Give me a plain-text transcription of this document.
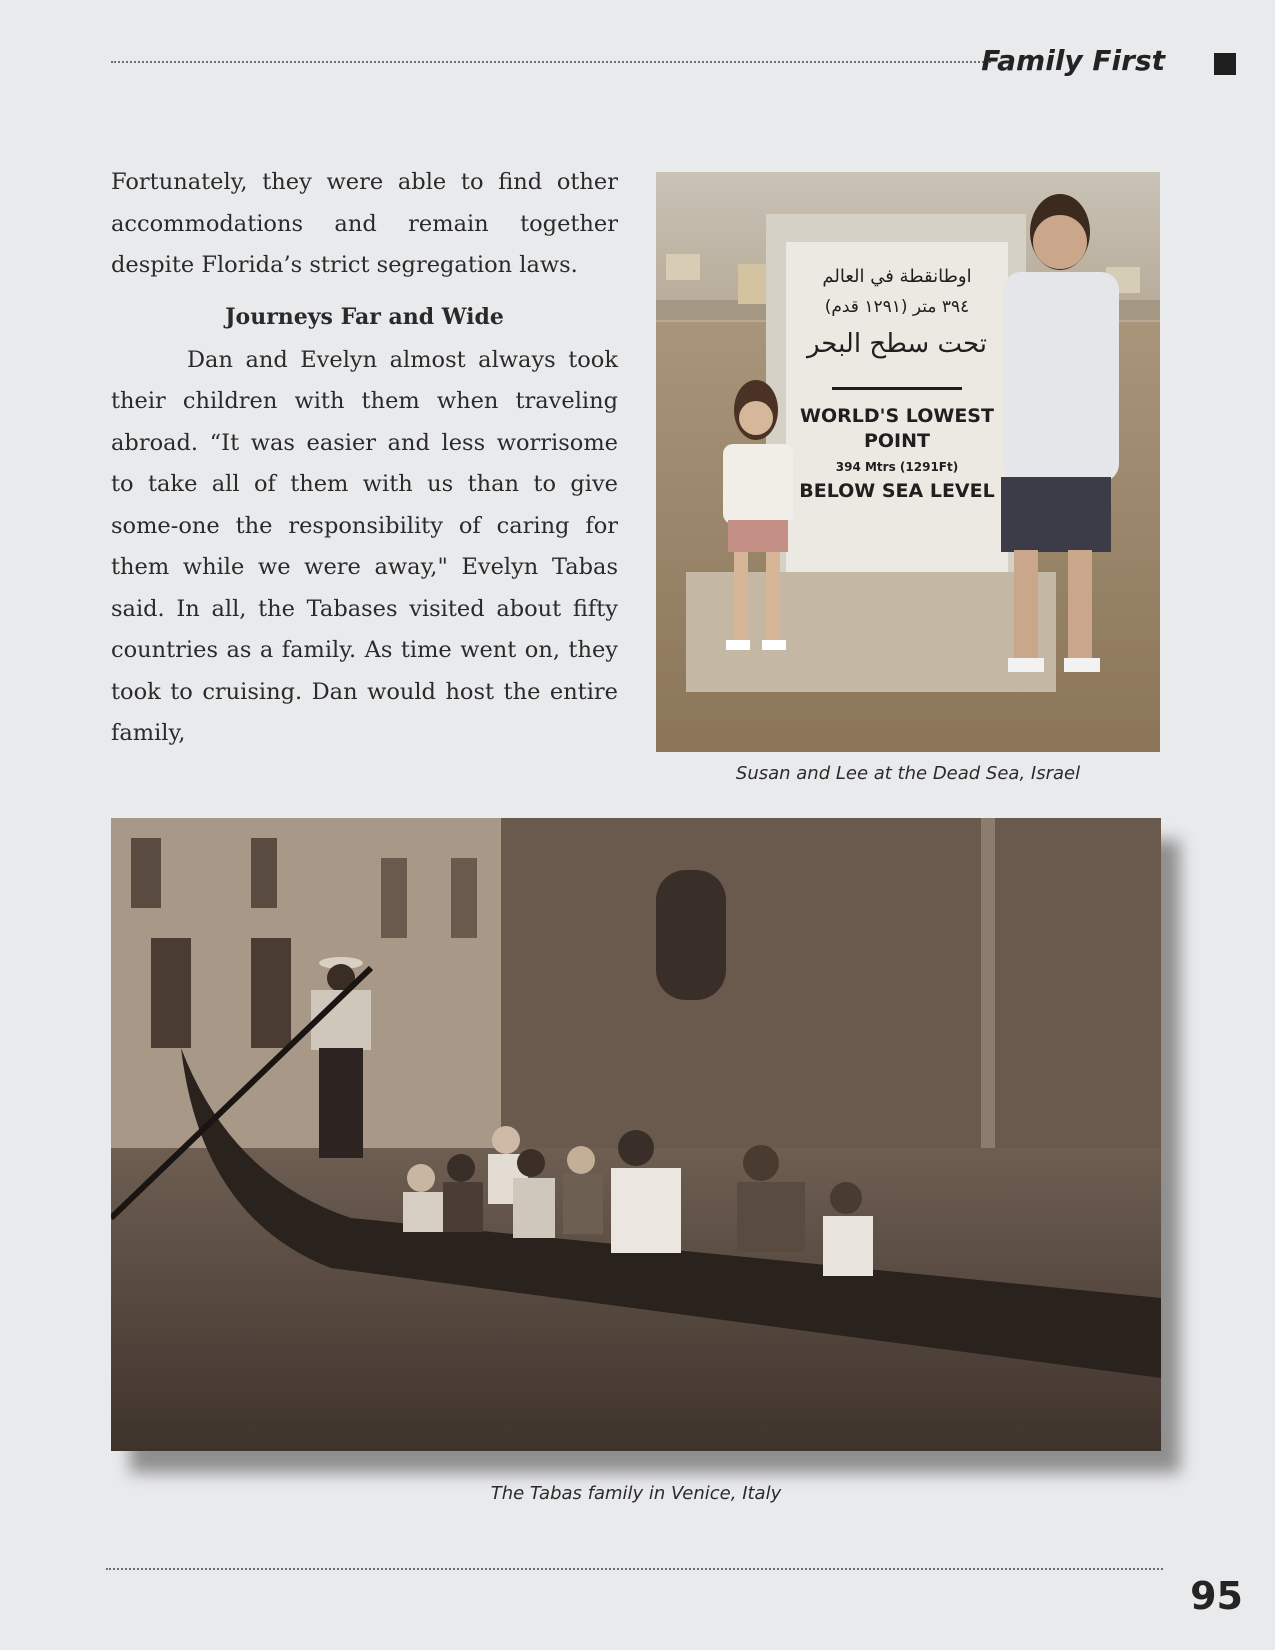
Family First

Fortunately, they were able to find other accommodations and remain together despite Florida’s strict segregation laws.

Journeys Far and Wide

Dan and Evelyn almost always took their children with them when traveling abroad. “It was easier and less worrisome to take all of them with us than to give some-one the responsibility of caring for them while we were away," Evelyn Tabas said. In all, the Tabases visited about fifty countries as a family. As time went on, they took to cruising. Dan would host the entire family,

اوطانقطة في العالم
٣٩٤ متر (١٢٩١ قدم)
تحت سطح البحر
WORLD'S LOWEST
POINT
394 Mtrs (1291Ft)
BELOW SEA LEVEL
Susan and Lee at the Dead Sea, Israel
The Tabas family in Venice, Italy
95
